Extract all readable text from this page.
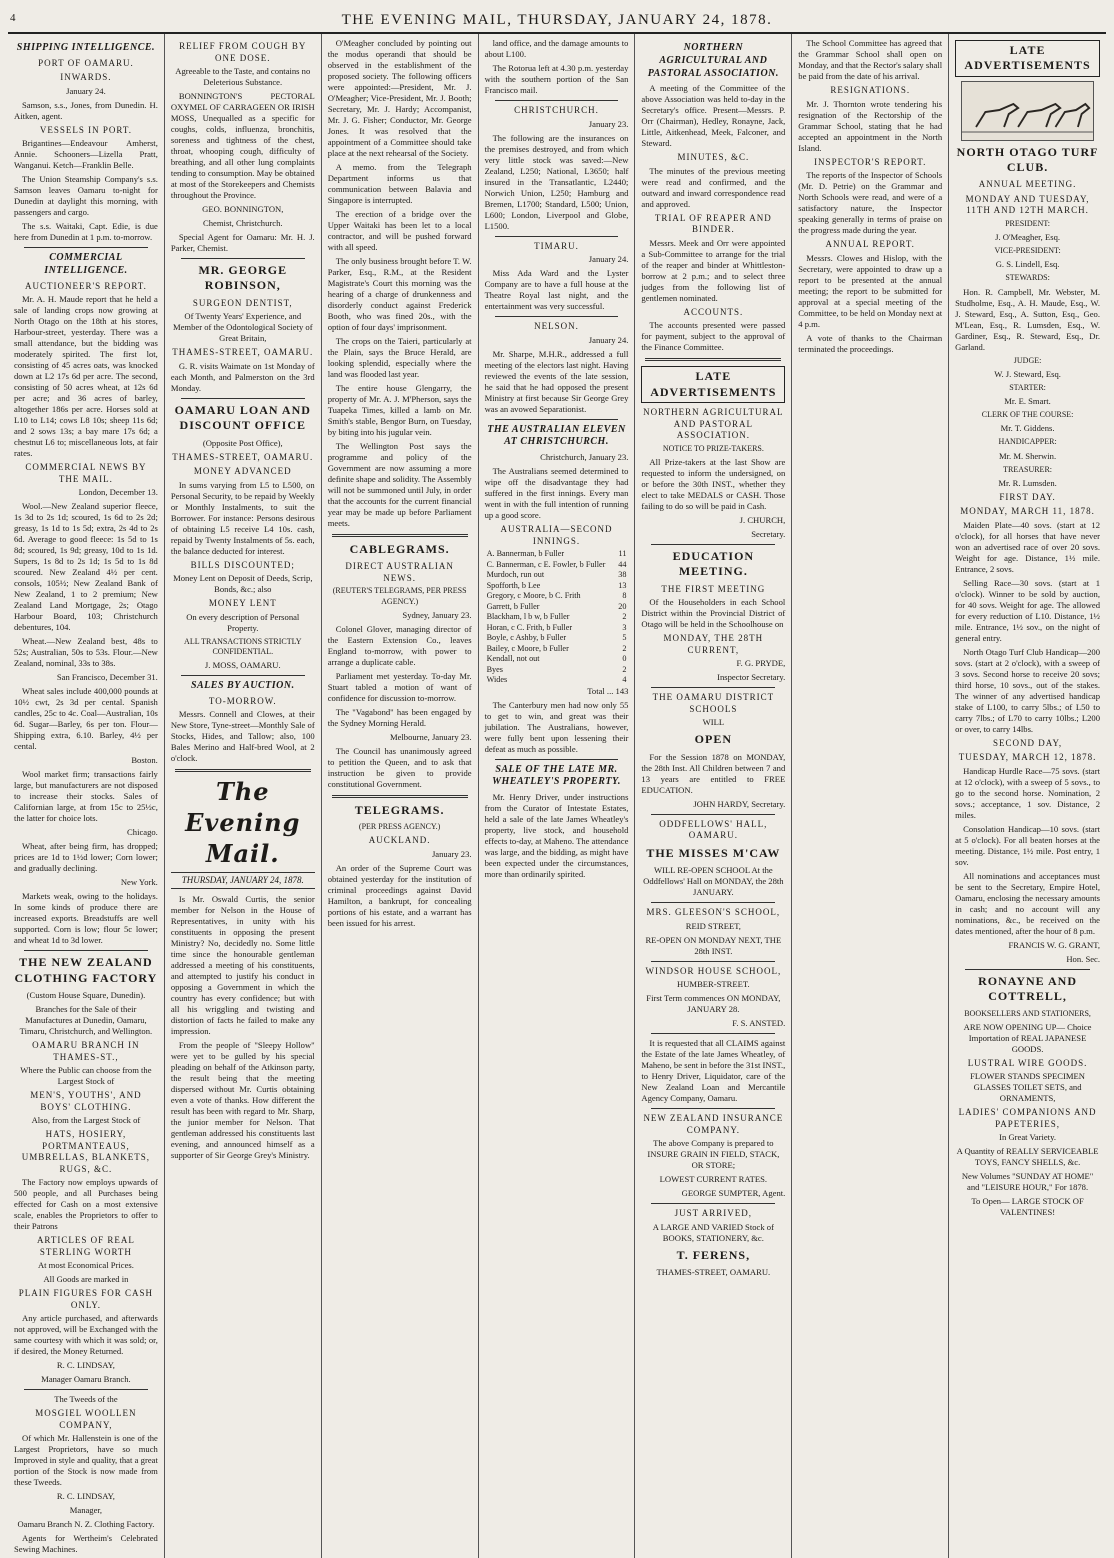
4	THE EVENING MAIL, THURSDAY, JANUARY 24, 1878.
SHIPPING INTELLIGENCE.
PORT OF OAMARU.
INWARDS.

January 24.

Samson, s.s., Jones, from Dunedin. H. Aitken, agent.

VESSELS IN PORT.

Brigantines—Endeavour Amherst, Annie. Schooners—Lizella Pratt, Wanganui. Ketch—Franklin Belle.

The Union Steamship Company's s.s. Samson leaves Oamaru to-night for Dunedin at daylight this morning, with passengers and cargo.

The s.s. Waitaki, Capt. Edie, is due here from Dunedin at 1 p.m. to-morrow.

COMMERCIAL INTELLIGENCE.
AUCTIONEER'S REPORT.

Mr. A. H. Maude report that he held a sale of landing crops now growing at North Otago on the 18th at his stores, Harbour-street, yesterday. There was a small attendance, but the bidding was moderately spirited. The first lot, consisting of 45 acres oats, was knocked down at L2 17s 6d per acre. The second, consisting of 50 acres wheat, at 12s 6d per acre; and 36 acres of barley, altogether 186s per acre. Horses sold at L10 to L14; cows L8 10s; sheep 11s 6d; and 2 sows 13s; a bay mare 17s 6d; a chestnut L6 to; miscellaneous lots, at fair rates.

COMMERCIAL NEWS BY THE MAIL.

London, December 13.

Wool.—New Zealand superior fleece, 1s 3d to 2s 1d; scoured, 1s 6d to 2s 2d; greasy, 1s 1d to 1s 5d; extra, 2s 4d to 2s 6d. Average to good fleece: 1s 5d to 1s 8d; scoured, 1s 9d; greasy, 10d to 1s 1d. Supers, 1s 8d to 2s 1d; 1s 5d to 1s 8d scoured. New Zealand 4½ per cent. consols, 105½; New Zealand Bank of New Zealand, 1 to 2 premium; New Zealand Land Mortgage, 2s; Otago Harbour Board, 103; Christchurch debentures, 104.

Wheat.—New Zealand best, 48s to 52s; Australian, 50s to 53s. Flour.—New Zealand, nominal, 33s to 38s.

San Francisco, December 31.

Wheat sales include 400,000 pounds at 10½ cwt, 2s 3d per cental. Spanish candles, 25c to 4c. Coal—Australian, 10s 6d. Sugar—Barley, 6s per ton. Flour—Shipping extra, 6.10. Barley, 4½ per cental.

Boston.

Wool market firm; transactions fairly large, but manufacturers are not disposed to increase their stocks. Sales of Californian large, at from 15c to 25½c, the latter for choice lots.

Chicago.

Wheat, after being firm, has dropped; prices are 1d to 1½d lower; Corn lower; and gradually declining.

New York.

Markets weak, owing to the holidays. In some kinds of produce there are increased exports. Breadstuffs are well supported. Corn is low; flour 5c lower; and wheat 1d to 3d lower.

THE NEW ZEALAND CLOTHING FACTORY

(Custom House Square, Dunedin).

Branches for the Sale of their Manufactures at Dunedin, Oamaru, Timaru, Christchurch, and Wellington.

OAMARU BRANCH IN THAMES-ST.,

Where the Public can choose from the Largest Stock of

MEN'S, YOUTHS', AND BOYS' CLOTHING.

Also, from the Largest Stock of

HATS, HOSIERY, PORTMANTEAUS, UMBRELLAS, BLANKETS, RUGS, &C.

The Factory now employs upwards of 500 people, and all Purchases being effected for Cash on a most extensive scale, enables the Proprietors to offer to their Patrons

ARTICLES OF REAL STERLING WORTH

At most Economical Prices.

All Goods are marked in

PLAIN FIGURES FOR CASH ONLY.

Any article purchased, and afterwards not approved, will be Exchanged with the same courtesy with which it was sold; or, if desired, the Money Returned.

R. C. LINDSAY,

Manager Oamaru Branch.

The Tweeds of the

MOSGIEL WOOLLEN COMPANY,

Of which Mr. Hallenstein is one of the Largest Proprietors, have so much Improved in style and quality, that a great portion of the Stock is now made from these Tweeds.

R. C. LINDSAY,

Manager,

Oamaru Branch N. Z. Clothing Factory.

Agents for Wertheim's Celebrated Sewing Machines.

RELIEF FROM COUGH BY ONE DOSE.

Agreeable to the Taste, and contains no Deleterious Substance.

BONNINGTON'S PECTORAL OXYMEL OF CARRAGEEN OR IRISH MOSS, Unequalled as a specific for coughs, colds, influenza, bronchitis, soreness and tightness of the chest, throat, whooping cough, difficulty of breathing, and all other lung complaints tending to consumption. May be obtained at most of the Storekeepers and Chemists throughout the Province.

GEO. BONNINGTON,

Chemist, Christchurch.

Special Agent for Oamaru: Mr. H. J. Parker, Chemist.

MR. GEORGE ROBINSON,
SURGEON DENTIST,

Of Twenty Years' Experience, and Member of the Odontological Society of Great Britain,

THAMES-STREET, OAMARU.

G. R. visits Waimate on 1st Monday of each Month, and Palmerston on the 3rd Monday.

OAMARU LOAN AND DISCOUNT OFFICE

(Opposite Post Office),

THAMES-STREET, OAMARU.
MONEY ADVANCED

In sums varying from L5 to L500, on Personal Security, to be repaid by Weekly or Monthly Instalments, to suit the Borrower. For instance: Persons desirous of obtaining L5 receive L4 10s. cash, repaid by Twenty Instalments of 5s. each, the balance deducted for interest.

BILLS DISCOUNTED;

Money Lent on Deposit of Deeds, Scrip, Bonds, &c.; also

MONEY LENT

On every description of Personal Property.

ALL TRANSACTIONS STRICTLY CONFIDENTIAL.

J. MOSS, OAMARU.

SALES BY AUCTION.
TO-MORROW.

Messrs. Connell and Clowes, at their New Store, Tyne-street—Monthly Sale of Stocks, Hides, and Tallow; also, 100 Bales Merino and Half-bred Wool, at 2 o'clock.

The Evening Mail.
THURSDAY, JANUARY 24, 1878.

Is Mr. Oswald Curtis, the senior member for Nelson in the House of Representatives, in unity with his constituents in opposing the present Ministry? No, decidedly no. Some little time since the honourable gentleman addressed a meeting of his constituents, and attempted to justify his conduct in opposing a Government in which the country has every confidence; but with all his wriggling and twisting and distortion of facts he failed to make any impression.

From the people of "Sleepy Hollow" were yet to be gulled by his special pleading on behalf of the Atkinson party, the result being that the meeting dispersed without Mr. Curtis obtaining even a vote of thanks. How different the result has been with regard to Mr. Sharp, the junior member for Nelson. That gentleman addressed his constituents last evening, and announced himself as a supporter of Sir George Grey's Ministry.

O'Meagher concluded by pointing out the modus operandi that should be observed in the establishment of the proposed society. The following officers were appointed:—President, Mr. J. O'Meagher; Vice-President, Mr. J. Booth; Secretary, Mr. J. Hardy; Accompanist, Mr. J. G. Fisher; Conductor, Mr. George Jones. It was resolved that the appointment of a Committee should take place at the next rehearsal of the Society.

A memo. from the Telegraph Department informs us that communication between Balavia and Singapore is interrupted.

The erection of a bridge over the Upper Waitaki has been let to a local contractor, and will be pushed forward with all speed.

The only business brought before T. W. Parker, Esq., R.M., at the Resident Magistrate's Court this morning was the hearing of a charge of drunkenness and disorderly conduct against Frederick Booth, who was fined 20s., with the option of four days' imprisonment.

The crops on the Taieri, particularly at the Plain, says the Bruce Herald, are looking splendid, especially where the land was flooded last year.

The entire house Glengarry, the property of Mr. A. J. M'Pherson, says the Tuapeka Times, killed a lamb on Mr. Smith's stable, Bengor Burn, on Tuesday, by biting into his jugular vein.

The Wellington Post says the programme and policy of the Government are now assuming a more definite shape and solidity. The Assembly will not be summoned until July, in order that the accounts for the current financial year may be made up before Parliament meets.

CABLEGRAMS.
DIRECT AUSTRALIAN NEWS.

(REUTER'S TELEGRAMS, PER PRESS AGENCY.)

Sydney, January 23.

Colonel Glover, managing director of the Eastern Extension Co., leaves England to-morrow, with power to arrange a duplicate cable.

Parliament met yesterday. To-day Mr. Stuart tabled a motion of want of confidence for discussion to-morrow.

The "Vagabond" has been engaged by the Sydney Morning Herald.

Melbourne, January 23.

The Council has unanimously agreed to petition the Queen, and to ask that instruction be given to provide constitutional Government.

TELEGRAMS.

(PER PRESS AGENCY.)

AUCKLAND.

January 23.

An order of the Supreme Court was obtained yesterday for the institution of criminal proceedings against David Hamilton, a bankrupt, for concealing portions of his estate, and a warrant has been issued for his arrest.

land office, and the damage amounts to about L100.

The Rotorua left at 4.30 p.m. yesterday with the southern portion of the San Francisco mail.

CHRISTCHURCH.

January 23.

The following are the insurances on the premises destroyed, and from which very little stock was saved:—New Zealand, L250; National, L3650; half insured in the Transatlantic, L2440; Norwich Union, L250; Hamburg and Bremen, L1700; Standard, L500; Union, L600; London, Liverpool and Globe, L1500.

TIMARU.

January 24.

Miss Ada Ward and the Lyster Company are to have a full house at the Theatre Royal last night, and the entertainment was very successful.

NELSON.

January 24.

Mr. Sharpe, M.H.R., addressed a full meeting of the electors last night. Having reviewed the events of the late session, he said that he had opposed the present Ministry at first because Sir George Grey was an avowed Separationist.

THE AUSTRALIAN ELEVEN AT CHRISTCHURCH.

Christchurch, January 23.

The Australians seemed determined to wipe off the disadvantage they had suffered in the first innings. Every man went in with the full intention of running up a good score.

AUSTRALIA—SECOND INNINGS.
A. Bannerman, b Fuller	11
C. Bannerman, c E. Fowler, b Fuller	44
Murdoch, run out	38
Spofforth, b Lee	13
Gregory, c Moore, b C. Frith	8
Garrett, b Fuller	20
Blackham, l b w, b Fuller	2
Horan, c C. Frith, b Fuller	3
Boyle, c Ashby, b Fuller	5
Bailey, c Moore, b Fuller	2
Kendall, not out	0
Byes	2
Wides	4

Total ... 143

The Canterbury men had now only 55 to get to win, and great was their jubilation. The Australians, however, were fully bent upon lessening their defeat as much as possible.

SALE OF THE LATE MR. WHEATLEY'S PROPERTY.

Mr. Henry Driver, under instructions from the Curator of Intestate Estates, held a sale of the late James Wheatley's property, live stock, and household effects to-day, at Maheno. The attendance was large, and the bidding, as might have been expected under the circumstances, more than ordinarily spirited.

NORTHERN AGRICULTURAL AND PASTORAL ASSOCIATION.

A meeting of the Committee of the above Association was held to-day in the Secretary's office. Present—Messrs. P. Orr (Chairman), Hedley, Ronayne, Jack, Little, Aitkenhead, Meek, Falconer, and Steward.

MINUTES, &C.

The minutes of the previous meeting were read and confirmed, and the outward and inward correspondence read and approved.

TRIAL OF REAPER AND BINDER.

Messrs. Meek and Orr were appointed a Sub-Committee to arrange for the trial of the reaper and binder at Whittleston-borrow at 2 p.m.; and to select three judges from the following list of gentlemen nominated.

ACCOUNTS.

The accounts presented were passed for payment, subject to the approval of the Finance Committee.

LATE ADVERTISEMENTS
NORTHERN AGRICULTURAL AND PASTORAL ASSOCIATION.

NOTICE TO PRIZE-TAKERS.

All Prize-takers at the last Show are requested to inform the undersigned, on or before the 30th INST., whether they elect to take MEDALS or CASH. Those failing to do so will be paid in Cash.

J. CHURCH,

Secretary.

EDUCATION MEETING.
THE FIRST MEETING

Of the Householders in each School District within the Provincial District of Otago will be held in the Schoolhouse on

MONDAY, THE 28TH CURRENT,

F. G. PRYDE,

Inspector Secretary.

THE OAMARU DISTRICT SCHOOLS

WILL

OPEN

For the Session 1878 on MONDAY, the 28th Inst. All Children between 7 and 13 years are entitled to FREE EDUCATION.

JOHN HARDY, Secretary.

ODDFELLOWS' HALL, OAMARU.
THE MISSES M'CAW

WILL RE-OPEN SCHOOL At the Oddfellows' Hall on MONDAY, the 28th JANUARY.

MRS. GLEESON'S SCHOOL,

REID STREET,

RE-OPEN ON MONDAY NEXT, THE 28th INST.

WINDSOR HOUSE SCHOOL,

HUMBER-STREET.

First Term commences ON MONDAY, JANUARY 28.

F. S. ANSTED.

It is requested that all CLAIMS against the Estate of the late James Wheatley, of Maheno, be sent in before the 31st INST., to Henry Driver, Liquidator, care of the New Zealand Loan and Mercantile Agency Company, Oamaru.

NEW ZEALAND INSURANCE COMPANY.

The above Company is prepared to INSURE GRAIN IN FIELD, STACK, OR STORE;

LOWEST CURRENT RATES.

GEORGE SUMPTER, Agent.

JUST ARRIVED,

A LARGE AND VARIED Stock of BOOKS, STATIONERY, &c.

T. FERENS,

THAMES-STREET, OAMARU.

The School Committee has agreed that the Grammar School shall open on Monday, and that the Rector's salary shall be paid from the date of his arrival.

RESIGNATIONS.

Mr. J. Thornton wrote tendering his resignation of the Rectorship of the Grammar School, stating that he had accepted an appointment in the North Island.

INSPECTOR'S REPORT.

The reports of the Inspector of Schools (Mr. D. Petrie) on the Grammar and North Schools were read, and were of a satisfactory nature, the Inspector speaking generally in terms of praise on the progress made during the year.

ANNUAL REPORT.

Messrs. Clowes and Hislop, with the Secretary, were appointed to draw up a report to be presented at the annual meeting; the report to be submitted for approval at a special meeting of the Committee, to be held on Monday next at 4 p.m.

A vote of thanks to the Chairman terminated the proceedings.

LATE ADVERTISEMENTS
NORTH OTAGO TURF CLUB.
ANNUAL MEETING.
MONDAY AND TUESDAY, 11TH AND 12TH MARCH.

PRESIDENT:

J. O'Meagher, Esq.

VICE-PRESIDENT:

G. S. Lindell, Esq.

STEWARDS:

Hon. R. Campbell, Mr. Webster, M. Studholme, Esq., A. H. Maude, Esq., W. J. Steward, Esq., A. Sutton, Esq., Geo. M'Lean, Esq., R. Lumsden, Esq., W. Gardiner, Esq., R. Steward, Esq., Dr. Garland.

JUDGE:

W. J. Steward, Esq.

STARTER:

Mr. E. Smart.

CLERK OF THE COURSE:

Mr. T. Giddens.

HANDICAPPER:

Mr. M. Sherwin.

TREASURER:

Mr. R. Lumsden.

FIRST DAY.
MONDAY, MARCH 11, 1878.

Maiden Plate—40 sovs. (start at 12 o'clock), for all horses that have never won an advertised race of over 20 sovs. Weight for age. Distance, 1½ mile. Entrance, 2 sovs.

Selling Race—30 sovs. (start at 1 o'clock). Winner to be sold by auction, for 40 sovs. Weight for age. The allowed for every reduction of L10. Distance, 1½ mile. Entrance, 1½ sov., on the night of general entry.

North Otago Turf Club Handicap—200 sovs. (start at 2 o'clock), with a sweep of 3 sovs. Second horse to receive 20 sovs; third horse, 10 sovs., out of the stakes. The winner of any advertised handicap stake of L100, to carry 5lbs.; of L50 to carry 7lbs.; of L70 to carry 10lbs.; L200 or over, to carry 14lbs.

SECOND DAY,
TUESDAY, MARCH 12, 1878.

Handicap Hurdle Race—75 sovs. (start at 12 o'clock), with a sweep of 5 sovs., to go to the second horse. Nomination, 2 sovs.; acceptance, 1 sov. Distance, 2 miles.

Consolation Handicap—10 sovs. (start at 5 o'clock). For all beaten horses at the meeting. Distance, 1½ mile. Post entry, 1 sov.

All nominations and acceptances must be sent to the Secretary, Empire Hotel, Oamaru, enclosing the necessary amounts in cash; and no account will any nominations, &c., be received on the dates mentioned, after the hour of 8 p.m.

FRANCIS W. G. GRANT,

Hon. Sec.

RONAYNE AND COTTRELL,

BOOKSELLERS AND STATIONERS,

ARE NOW OPENING UP— Choice Importation of REAL JAPANESE GOODS.

LUSTRAL WIRE GOODS.

FLOWER STANDS SPECIMEN GLASSES TOILET SETS, and ORNAMENTS,

LADIES' COMPANIONS AND PAPETERIES,

In Great Variety.

A Quantity of REALLY SERVICEABLE TOYS, FANCY SHELLS, &c.

New Volumes "SUNDAY AT HOME" and "LEISURE HOUR," For 1878.

To Open— LARGE STOCK OF VALENTINES!
